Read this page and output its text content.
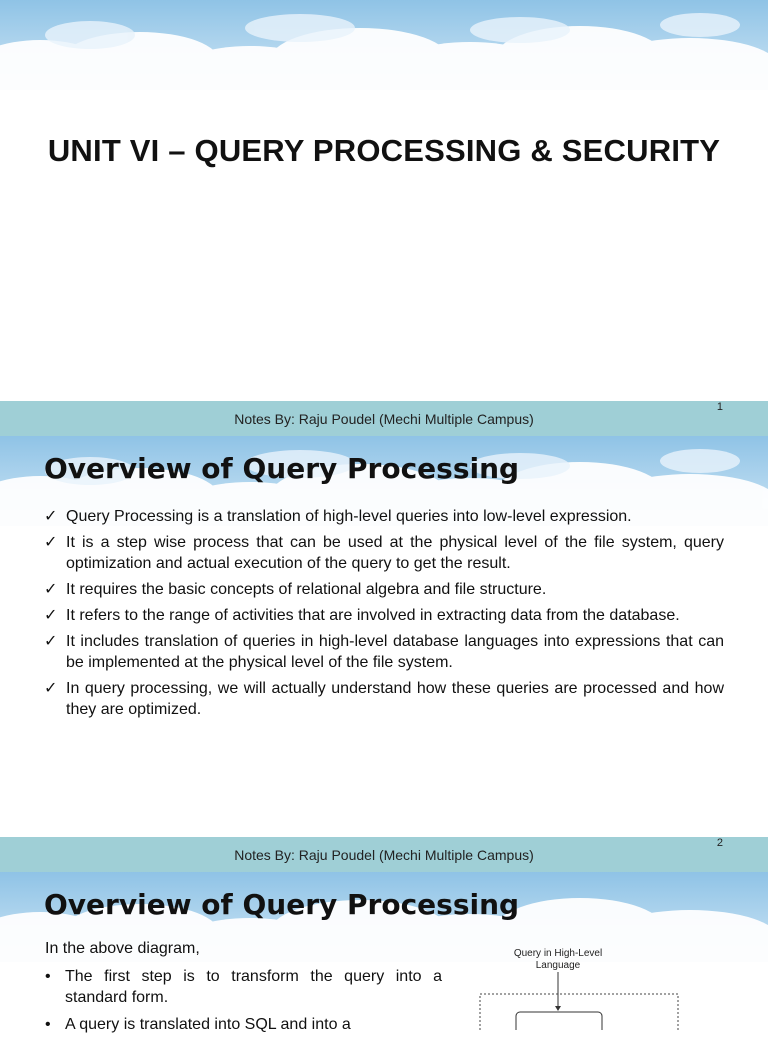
UNIT VI – QUERY PROCESSING & SECURITY
Notes By: Raju Poudel (Mechi Multiple Campus)
1
Overview of Query Processing
✓ Query Processing is a translation of high-level queries into low-level expression.
✓ It is a step wise process that can be used at the physical level of the file system, query optimization and actual execution of the query to get the result.
✓ It requires the basic concepts of relational algebra and file structure.
✓ It refers to the range of activities that are involved in extracting data from the database.
✓ It includes translation of queries in high-level database languages into expressions that can be implemented at the physical level of the file system.
✓ In query processing, we will actually understand how these queries are processed and how they are optimized.
Notes By: Raju Poudel (Mechi Multiple Campus)
2
Overview of Query Processing
In the above diagram,
• The first step is to transform the query into a standard form.
• A query is translated into SQL and into a
Query in High-Level
Language
